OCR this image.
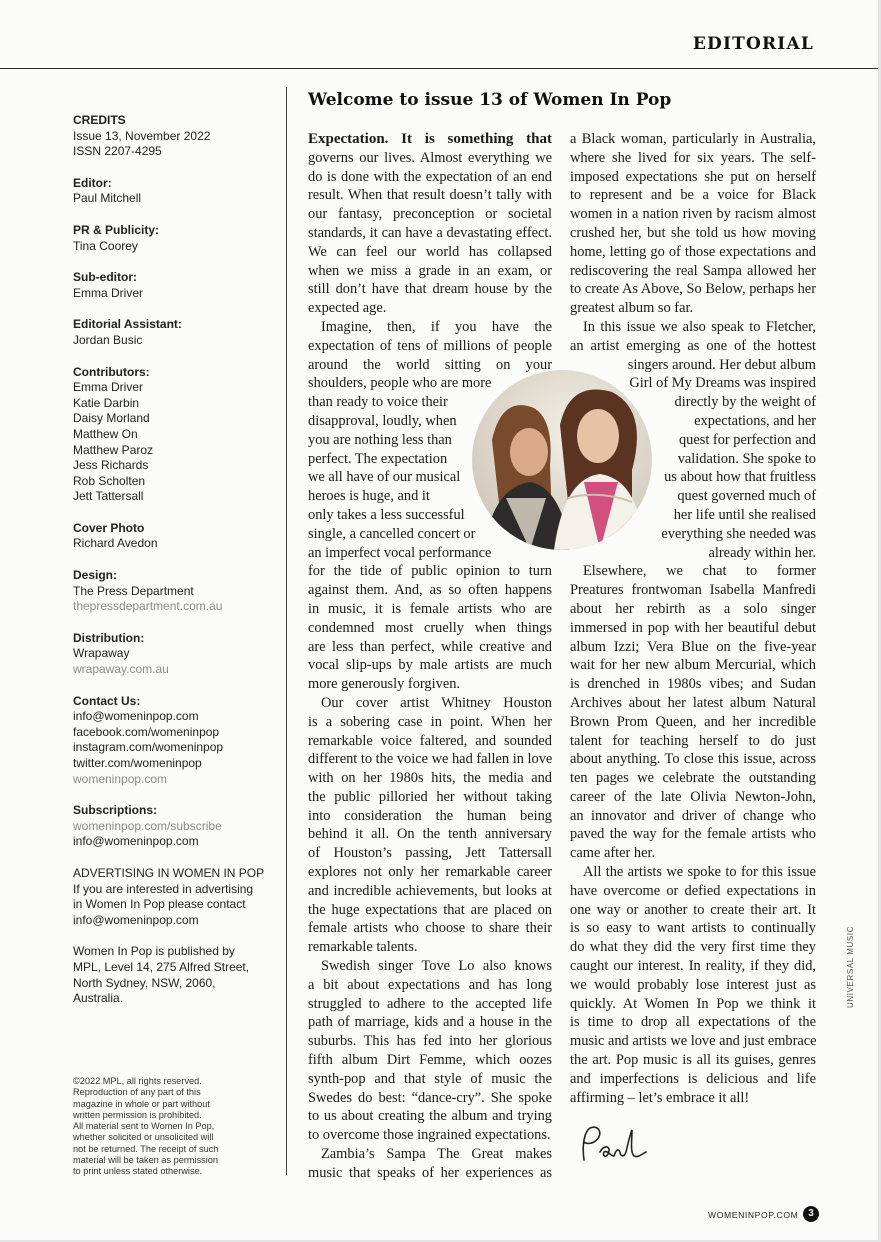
EDITORIAL
CREDITS
Issue 13, November 2022
ISSN 2207-4295
Editor:
Paul Mitchell
PR & Publicity:
Tina Coorey
Sub-editor:
Emma Driver
Editorial Assistant:
Jordan Busic
Contributors:
Emma Driver
Katie Darbin
Daisy Morland
Matthew On
Matthew Paroz
Jess Richards
Rob Scholten
Jett Tattersall
Cover Photo
Richard Avedon
Design:
The Press Department
thepressdepartment.com.au
Distribution:
Wrapaway
wrapaway.com.au
Contact Us:
info@womeninpop.com
facebook.com/womeninpop
instagram.com/womeninpop
twitter.com/womeninpop
womeninpop.com
Subscriptions:
womeninpop.com/subscribe
info@womeninpop.com
ADVERTISING IN WOMEN IN POP
If you are interested in advertising
in Women In Pop please contact
info@womeninpop.com
Women In Pop is published by
MPL, Level 14, 275 Alfred Street,
North Sydney, NSW, 2060,
Australia.
©2022 MPL, all rights reserved.
Reproduction of any part of this
magazine in whole or part without
written permission is prohibited.
All material sent to Women In Pop,
whether solicited or unsolicited will
not be returned. The receipt of such
material will be taken as permission
to print unless stated otherwise.
Welcome to issue 13 of Women In Pop
Expectation. It is something that
governs our lives. Almost everything we
do is done with the expectation of an end
result. When that result doesn’t tally with
our fantasy, preconception or societal
standards, it can have a devastating effect.
We can feel our world has collapsed
when we miss a grade in an exam, or
still don’t have that dream house by the
expected age.
Imagine, then, if you have the
expectation of tens of millions of people
around the world sitting on your
shoulders, people who are more
than ready to voice their
disapproval, loudly, when
you are nothing less than
perfect. The expectation
we all have of our musical
heroes is huge, and it
only takes a less successful
single, a cancelled concert or
an imperfect vocal performance
for the tide of public opinion to turn
against them. And, as so often happens
in music, it is female artists who are
condemned most cruelly when things
are less than perfect, while creative and
vocal slip-ups by male artists are much
more generously forgiven.
Our cover artist Whitney Houston
is a sobering case in point. When her
remarkable voice faltered, and sounded
different to the voice we had fallen in love
with on her 1980s hits, the media and
the public pilloried her without taking
into consideration the human being
behind it all. On the tenth anniversary
of Houston’s passing, Jett Tattersall
explores not only her remarkable career
and incredible achievements, but looks at
the huge expectations that are placed on
female artists who choose to share their
remarkable talents.
Swedish singer Tove Lo also knows
a bit about expectations and has long
struggled to adhere to the accepted life
path of marriage, kids and a house in the
suburbs. This has fed into her glorious
fifth album Dirt Femme, which oozes
synth-pop and that style of music the
Swedes do best: “dance-cry”. She spoke
to us about creating the album and trying
to overcome those ingrained expectations.
Zambia’s Sampa The Great makes
music that speaks of her experiences as
a Black woman, particularly in Australia,
where she lived for six years. The self-
imposed expectations she put on herself
to represent and be a voice for Black
women in a nation riven by racism almost
crushed her, but she told us how moving
home, letting go of those expectations and
rediscovering the real Sampa allowed her
to create As Above, So Below, perhaps her
greatest album so far.
In this issue we also speak to Fletcher,
an artist emerging as one of the hottest
singers around. Her debut album
Girl of My Dreams was inspired
directly by the weight of
expectations, and her
quest for perfection and
validation. She spoke to
us about how that fruitless
quest governed much of
her life until she realised
everything she needed was
already within her.
Elsewhere, we chat to former
Preatures frontwoman Isabella Manfredi
about her rebirth as a solo singer
immersed in pop with her beautiful debut
album Izzi; Vera Blue on the five-year
wait for her new album Mercurial, which
is drenched in 1980s vibes; and Sudan
Archives about her latest album Natural
Brown Prom Queen, and her incredible
talent for teaching herself to do just
about anything. To close this issue, across
ten pages we celebrate the outstanding
career of the late Olivia Newton-John,
an innovator and driver of change who
paved the way for the female artists who
came after her.
All the artists we spoke to for this issue
have overcome or defied expectations in
one way or another to create their art. It
is so easy to want artists to continually
do what they did the very first time they
caught our interest. In reality, if they did,
we would probably lose interest just as
quickly. At Women In Pop we think it
is time to drop all expectations of the
music and artists we love and just embrace
the art. Pop music is all its guises, genres
and imperfections is delicious and life
affirming – let’s embrace it all!
UNIVERSAL MUSIC
WOMENINPOP.COM 3
